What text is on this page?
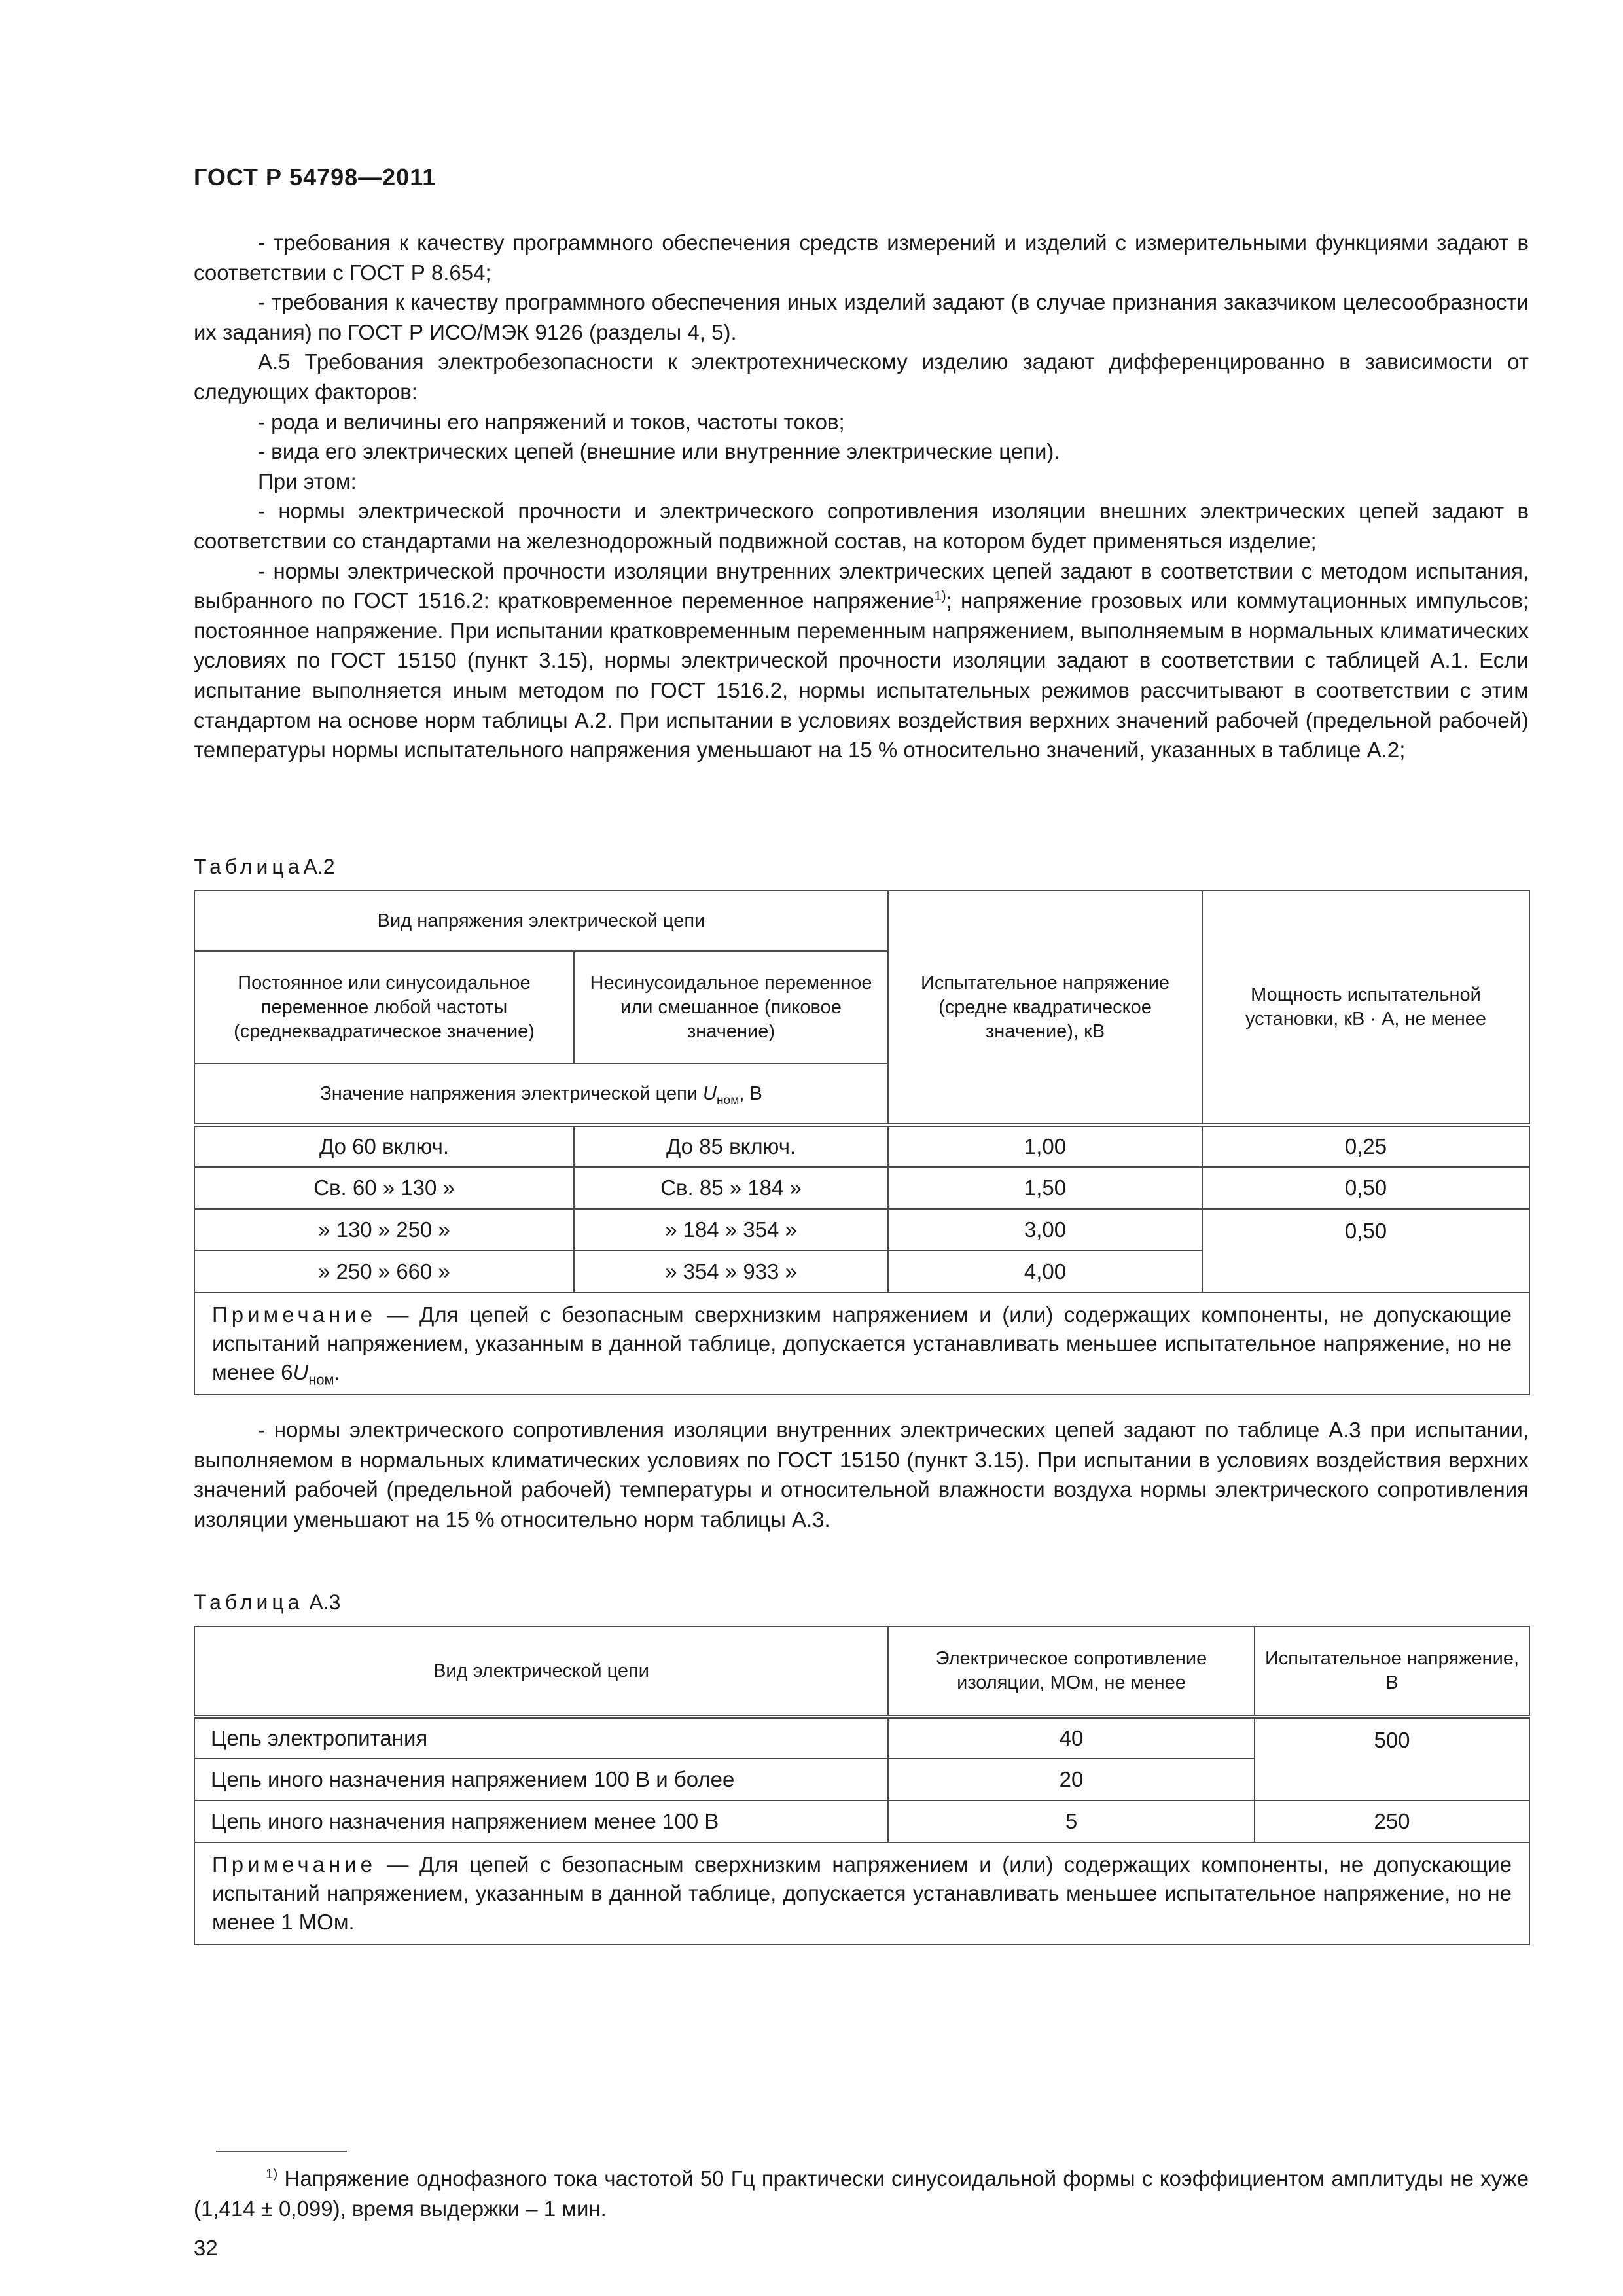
ГОСТ Р 54798—2011

- требования к качеству программного обеспечения средств измерений и изделий с измерительными функциями задают в соответствии с ГОСТ Р 8.654;

- требования к качеству программного обеспечения иных изделий задают (в случае признания заказчиком целесообразности их задания) по ГОСТ Р ИСО/МЭК 9126 (разделы 4, 5).

А.5 Требования электробезопасности к электротехническому изделию задают дифференцированно в зависимости от следующих факторов:

- рода и величины его напряжений и токов, частоты токов;

- вида его электрических цепей (внешние или внутренние электрические цепи).

При этом:

- нормы электрической прочности и электрического сопротивления изоляции внешних электрических цепей задают в соответствии со стандартами на железнодорожный подвижной состав, на котором будет применяться изделие;

- нормы электрической прочности изоляции внутренних электрических цепей задают в соответствии с методом испытания, выбранного по ГОСТ 1516.2: кратковременное переменное напряжение$^{1)}$; напряжение грозовых или коммутационных импульсов; постоянное напряжение. При испытании кратковременным переменным напряжением, выполняемым в нормальных климатических условиях по ГОСТ 15150 (пункт 3.15), нормы электрической прочности изоляции задают в соответствии с таблицей А.1. Если испытание выполняется иным методом по ГОСТ 1516.2, нормы испытательных режимов рассчитывают в соответствии с этим стандартом на основе норм таблицы А.2. При испытании в условиях воздействия верхних значений рабочей (предельной рабочей) температуры нормы испытательного напряжения уменьшают на 15 % относительно значений, указанных в таблице А.2;

ТаблицаА.2
Вид напряжения электрической цепи		Испытательное напряжение (средне квадратическое значение), кВ	Мощность испытательной установки, кВ · А, не менее
Постоянное или синусоидальное переменное любой частоты (среднеквадратическое значение)	Несинусоидальное переменное или смешанное (пиковое значение)		
Значение напряжения электрической цепи $U_{ном}$, В			
До 60 включ.	До 85 включ.	1,00	0,25
Св. 60 » 130 »	Св. 85 » 184 »	1,50	0,50
» 130 » 250 »	» 184 » 354 »	3,00	0,50
» 250 » 660 »	» 354 » 933 »	4,00	
Примечание — Для цепей с безопасным сверхнизким напряжением и (или) содержащих компоненты, не допускающие испытаний напряжением, указанным в данной таблице, допускается устанавливать меньшее испытательное напряжение, но не менее $6U_{ном}$.			

- нормы электрического сопротивления изоляции внутренних электрических цепей задают по таблице А.3 при испытании, выполняемом в нормальных климатических условиях по ГОСТ 15150 (пункт 3.15). При испытании в условиях воздействия верхних значений рабочей (предельной рабочей) температуры и относительной влажности воздуха нормы электрического сопротивления изоляции уменьшают на 15 % относительно норм таблицы А.3.

Таблица А.3
Вид электрической цепи	Электрическое сопротивление изоляции, МОм, не менее	Испытательное напряжение, В
Цепь электропитания	40	500
Цепь иного назначения напряжением 100 В и более	20	
Цепь иного назначения напряжением менее 100 В	5	250
Примечание — Для цепей с безопасным сверхнизким напряжением и (или) содержащих компоненты, не допускающие испытаний напряжением, указанным в данной таблице, допускается устанавливать меньшее испытательное напряжение, но не менее 1 МОм.		

$^{1)}$ Напряжение однофазного тока частотой 50 Гц практически синусоидальной формы с коэффициентом амплитуды не хуже (1,414 ± 0,099), время выдержки – 1 мин.

32
